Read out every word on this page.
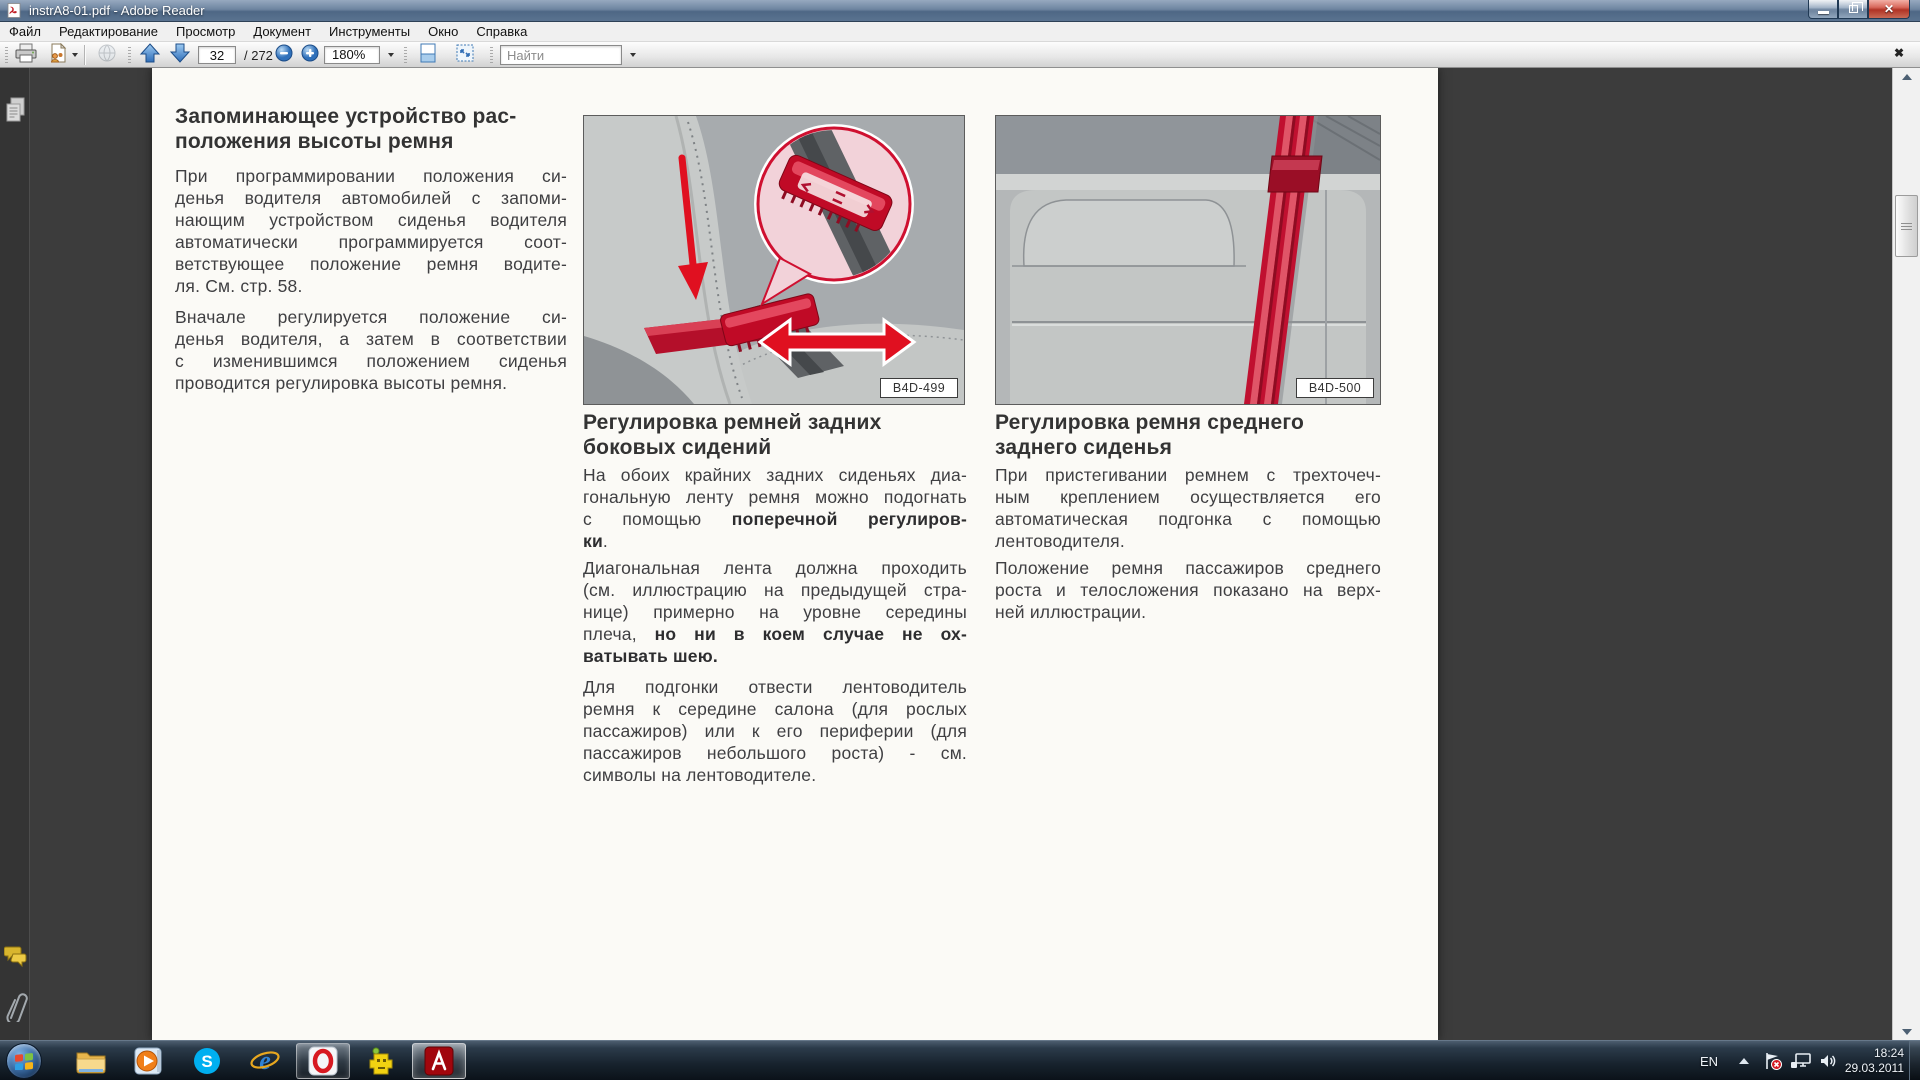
instrA8-01.pdf - Adobe Reader	✕
Файл	Редактирование	Просмотр	Документ	Инструменты	Окно	Справка
32
/ 272	180%
Найти	✖
Запоминающее устройство рас-
положения высоты ремня
При программировании положения си-
денья водителя автомобилей с запоми-
нающим устройством сиденья водителя
автоматически программируется соот-
ветствующее положение ремня водите-
ля. См. стр. 58.
Вначале регулируется положение си-
денья водителя, а затем в соответствии
с изменившимся положением сиденья
проводится регулировка высоты ремня.	B4D-499
Регулировка ремней задних
боковых сидений
На обоих крайних задних сиденьях диа-
гональную ленту ремня можно подогнать
с помощью поперечной регулиров-
ки.
Диагональная лента должна проходить
(см. иллюстрацию на предыдущей стра-
нице) примерно на уровне середины
плеча, но ни в коем случае не ох-
ватывать шею.
Для подгонки отвести лентоводитель
ремня к середине салона (для рослых
пассажиров) или к его периферии (для
пассажиров небольшого роста) - см.
символы на лентоводителе.
B4D-500
Регулировка ремня среднего
заднего сиденья
При пристегивании ремнем с трехточеч-
ным креплением осуществляется его
автоматическая подгонка с помощью
лентоводителя.
Положение ремня пассажиров среднего
роста и телосложения показано на верх-
ней иллюстрации.
S e	EN
18:24
29.03.2011
